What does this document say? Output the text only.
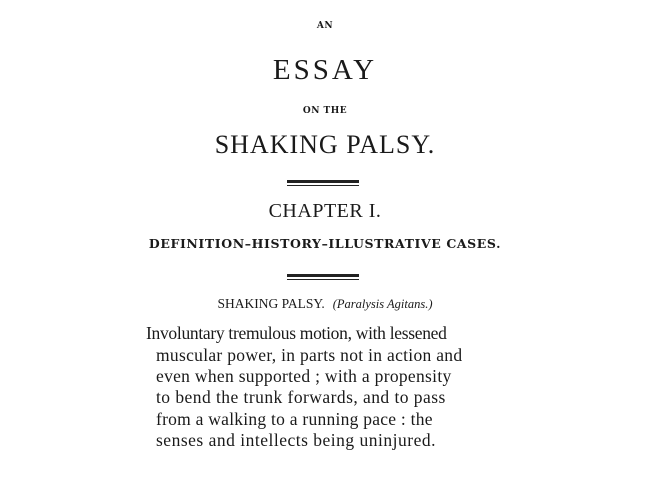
AN
ESSAY
ON THE
SHAKING PALSY.
CHAPTER I.
DEFINITION–HISTORY–ILLUSTRATIVE CASES.
SHAKING PALSY. (Paralysis Agitans.)
Involuntary tremulous motion, with lessened
muscular power, in parts not in action and
even when supported ; with a propensity
to bend the trunk forwards, and to pass
from a walking to a running pace : the
senses and intellects being uninjured.
